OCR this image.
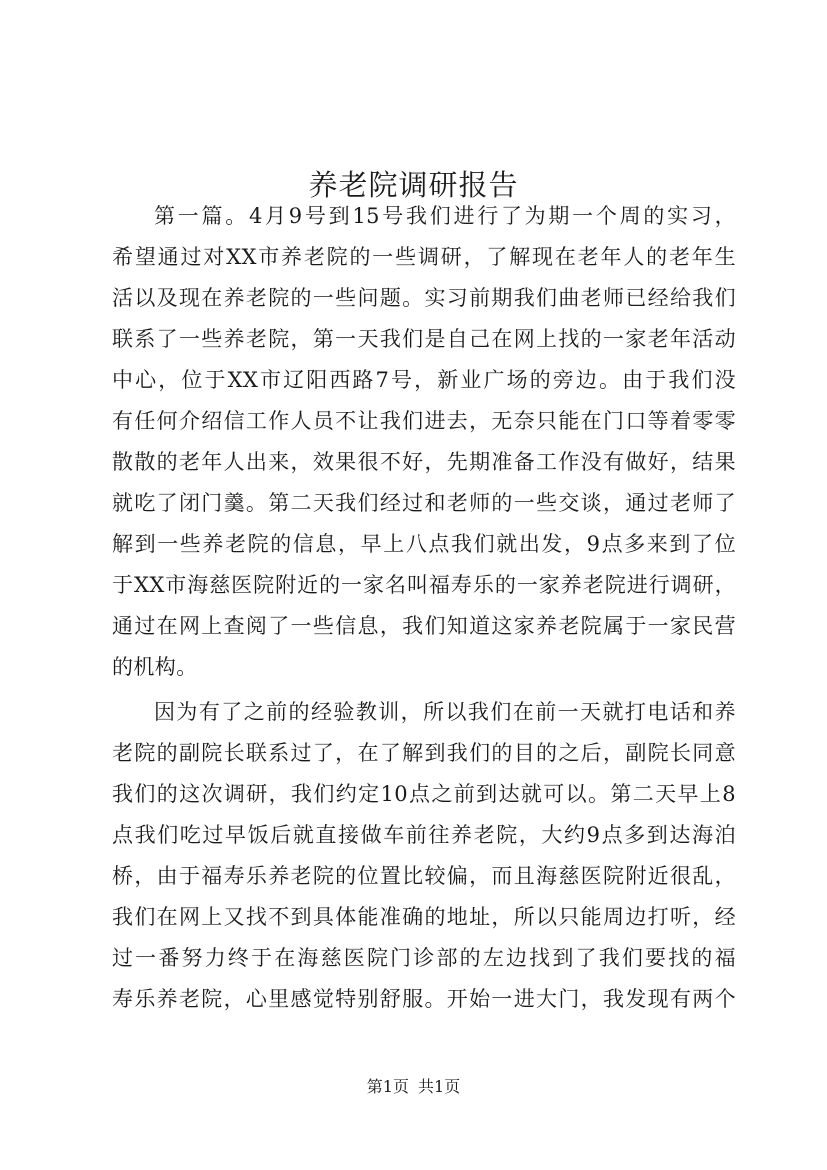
养老院调研报告
第一篇。4月9号到15号我们进行了为期一个周的实习，
希望通过对XX市养老院的一些调研，了解现在老年人的老年生
活以及现在养老院的一些问题。实习前期我们曲老师已经给我们
联系了一些养老院，第一天我们是自己在网上找的一家老年活动
中心，位于XX市辽阳西路7号，新业广场的旁边。由于我们没
有任何介绍信工作人员不让我们进去，无奈只能在门口等着零零
散散的老年人出来，效果很不好，先期准备工作没有做好，结果
就吃了闭门羹。第二天我们经过和老师的一些交谈，通过老师了
解到一些养老院的信息，早上八点我们就出发，9点多来到了位
于XX市海慈医院附近的一家名叫福寿乐的一家养老院进行调研，
通过在网上查阅了一些信息，我们知道这家养老院属于一家民营
的机构。
因为有了之前的经验教训，所以我们在前一天就打电话和养
老院的副院长联系过了，在了解到我们的目的之后，副院长同意
我们的这次调研，我们约定10点之前到达就可以。第二天早上8
点我们吃过早饭后就直接做车前往养老院，大约9点多到达海泊
桥，由于福寿乐养老院的位置比较偏，而且海慈医院附近很乱，
我们在网上又找不到具体能准确的地址，所以只能周边打听，经
过一番努力终于在海慈医院门诊部的左边找到了我们要找的福
寿乐养老院，心里感觉特别舒服。开始一进大门，我发现有两个
第1页 共1页
